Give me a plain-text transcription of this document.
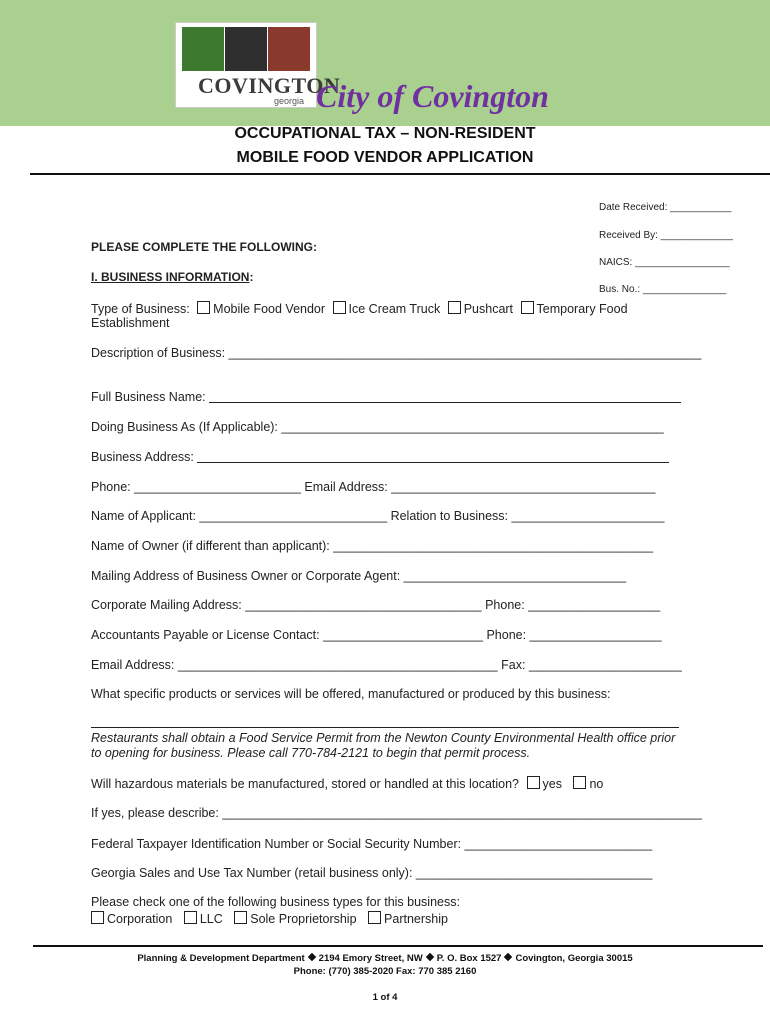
COVINGTON
georgia City of Covington
OCCUPATIONAL TAX – NON-RESIDENT
MOBILE FOOD VENDOR APPLICATION
Date Received: ___________
Received By: _____________
NAICS: _________________
Bus. No.: _______________
PLEASE COMPLETE THE FOLLOWING:
I. BUSINESS INFORMATION:
Type of Business: Mobile Food Vendor Ice Cream Truck Pushcart Temporary Food
Establishment
Description of Business: ____________________________________________________________________
Full Business Name:
Doing Business As (If Applicable): _______________________________________________________
Business Address:
Phone: ________________________ Email Address: ______________________________________
Name of Applicant: ___________________________ Relation to Business: ______________________
Name of Owner (if different than applicant): ______________________________________________
Mailing Address of Business Owner or Corporate Agent: ________________________________
Corporate Mailing Address: __________________________________ Phone: ___________________
Accountants Payable or License Contact: _______________________ Phone: ___________________
Email Address: ______________________________________________ Fax: ______________________
What specific products or services will be offered, manufactured or produced by this business:
Restaurants shall obtain a Food Service Permit from the Newton County Environmental Health office prior
to opening for business. Please call 770-784-2121 to begin that permit process.
Will hazardous materials be manufactured, stored or handled at this location? yes no
If yes, please describe: _____________________________________________________________________
Federal Taxpayer Identification Number or Social Security Number: ___________________________
Georgia Sales and Use Tax Number (retail business only): __________________________________
Please check one of the following business types for this business:
Corporation LLC Sole Proprietorship Partnership
Planning & Development Department 2194 Emory Street, NW P. O. Box 1527 Covington, Georgia 30015
Phone: (770) 385-2020 Fax: 770 385 2160
1 of 4
